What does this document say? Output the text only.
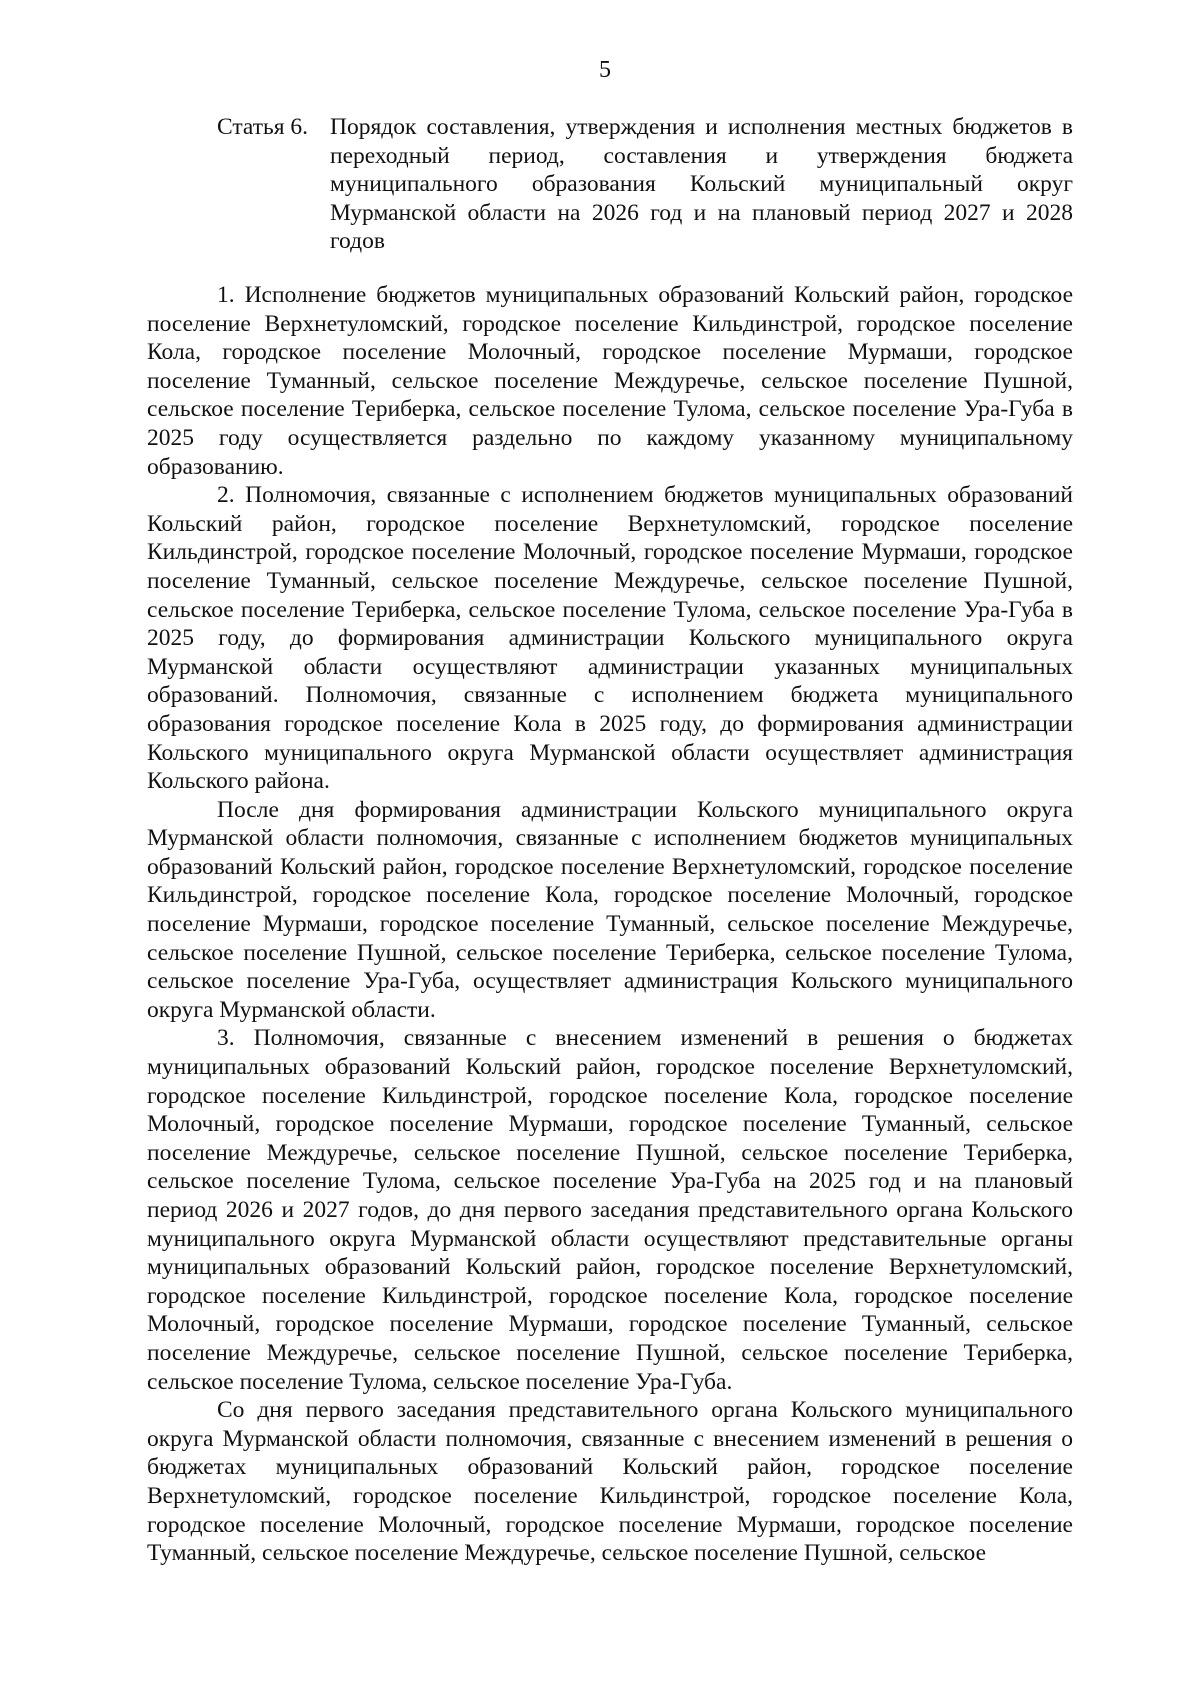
5
Статья 6. Порядок составления, утверждения и исполнения местных бюджетов в переходный период, составления и утверждения бюджета муниципального образования Кольский муниципальный округ Мурманской области на 2026 год и на плановый период 2027 и 2028 годов

1. Исполнение бюджетов муниципальных образований Кольский район, городское поселение Верхнетуломский, городское поселение Кильдинстрой, городское поселение Кола, городское поселение Молочный, городское поселение Мурмаши, городское поселение Туманный, сельское поселение Междуречье, сельское поселение Пушной, сельское поселение Териберка, сельское поселение Тулома, сельское поселение Ура-Губа в 2025 году осуществляется раздельно по каждому указанному муниципальному образованию.

2. Полномочия, связанные с исполнением бюджетов муниципальных образований Кольский район, городское поселение Верхнетуломский, городское поселение Кильдинстрой, городское поселение Молочный, городское поселение Мурмаши, городское поселение Туманный, сельское поселение Междуречье, сельское поселение Пушной, сельское поселение Териберка, сельское поселение Тулома, сельское поселение Ура-Губа в 2025 году, до формирования администрации Кольского муниципального округа Мурманской области осуществляют администрации указанных муниципальных образований. Полномочия, связанные с исполнением бюджета муниципального образования городское поселение Кола в 2025 году, до формирования администрации Кольского муниципального округа Мурманской области осуществляет администрация Кольского района.

После дня формирования администрации Кольского муниципального округа Мурманской области полномочия, связанные с исполнением бюджетов муниципальных образований Кольский район, городское поселение Верхнетуломский, городское поселение Кильдинстрой, городское поселение Кола, городское поселение Молочный, городское поселение Мурмаши, городское поселение Туманный, сельское поселение Междуречье, сельское поселение Пушной, сельское поселение Териберка, сельское поселение Тулома, сельское поселение Ура-Губа, осуществляет администрация Кольского муниципального округа Мурманской области.

3. Полномочия, связанные с внесением изменений в решения о бюджетах муниципальных образований Кольский район, городское поселение Верхнетуломский, городское поселение Кильдинстрой, городское поселение Кола, городское поселение Молочный, городское поселение Мурмаши, городское поселение Туманный, сельское поселение Междуречье, сельское поселение Пушной, сельское поселение Териберка, сельское поселение Тулома, сельское поселение Ура-Губа на 2025 год и на плановый период 2026 и 2027 годов, до дня первого заседания представительного органа Кольского муниципального округа Мурманской области осуществляют представительные органы муниципальных образований Кольский район, городское поселение Верхнетуломский, городское поселение Кильдинстрой, городское поселение Кола, городское поселение Молочный, городское поселение Мурмаши, городское поселение Туманный, сельское поселение Междуречье, сельское поселение Пушной, сельское поселение Териберка, сельское поселение Тулома, сельское поселение Ура-Губа.

Со дня первого заседания представительного органа Кольского муниципального округа Мурманской области полномочия, связанные с внесением изменений в решения о бюджетах муниципальных образований Кольский район, городское поселение Верхнетуломский, городское поселение Кильдинстрой, городское поселение Кола, городское поселение Молочный, городское поселение Мурмаши, городское поселение Туманный, сельское поселение Междуречье, сельское поселение Пушной, сельское
